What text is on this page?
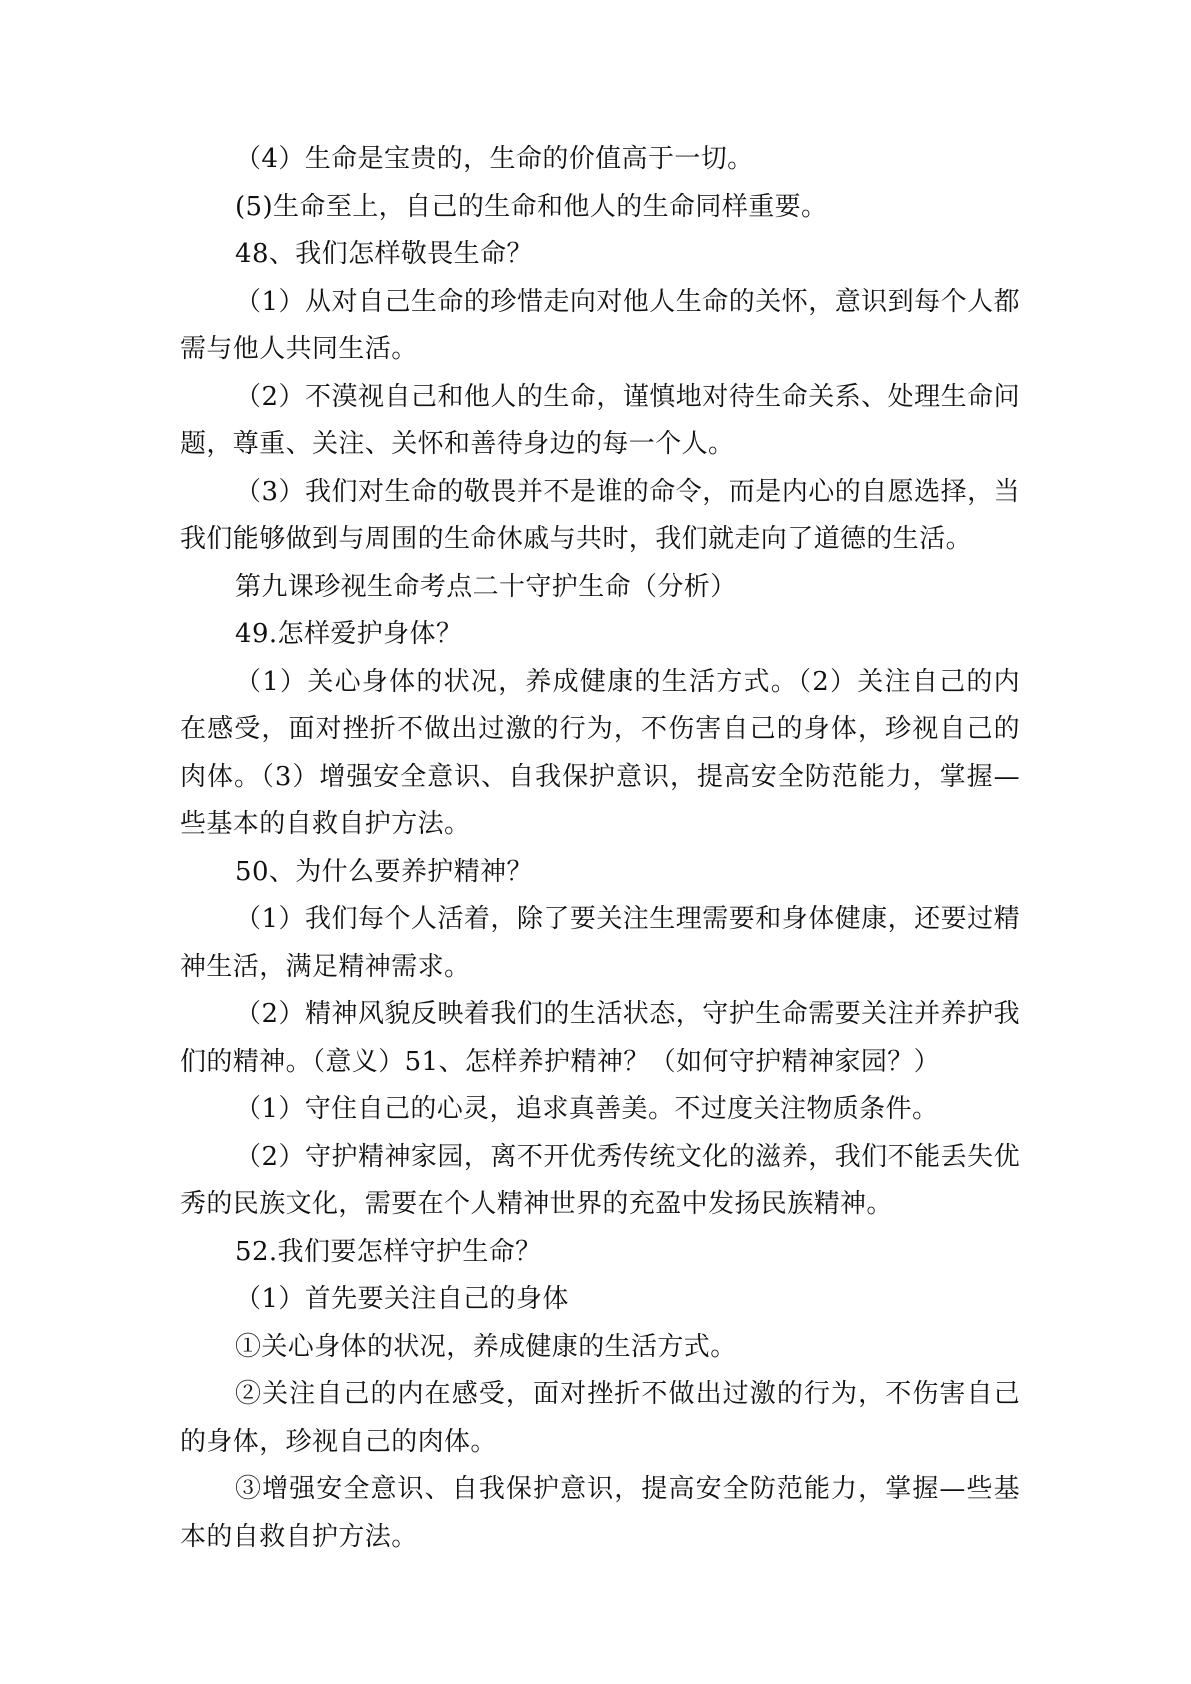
（4）生命是宝贵的，生命的价值高于一切。

(5)生命至上，自己的生命和他人的生命同样重要。

48、我们怎样敬畏生命？

（1）从对自己生命的珍惜走向对他人生命的关怀，意识到每个人都需与他人共同生活。

（2）不漠视自己和他人的生命，谨慎地对待生命关系、处理生命问题，尊重、关注、关怀和善待身边的每一个人。

（3）我们对生命的敬畏并不是谁的命令，而是内心的自愿选择，当我们能够做到与周围的生命休戚与共时，我们就走向了道德的生活。

第九课珍视生命考点二十守护生命（分析）

49.怎样爱护身体？

（1）关心身体的状况，养成健康的生活方式。（2）关注自己的内在感受，面对挫折不做出过激的行为，不伤害自己的身体，珍视自己的肉体。（3）增强安全意识、自我保护意识，提高安全防范能力，掌握—些基本的自救自护方法。

50、为什么要养护精神？

（1）我们每个人活着，除了要关注生理需要和身体健康，还要过精神生活，满足精神需求。

（2）精神风貌反映着我们的生活状态，守护生命需要关注并养护我们的精神。（意义）51、怎样养护精神？（如何守护精神家园？）

（1）守住自己的心灵，追求真善美。不过度关注物质条件。

（2）守护精神家园，离不开优秀传统文化的滋养，我们不能丢失优秀的民族文化，需要在个人精神世界的充盈中发扬民族精神。

52.我们要怎样守护生命？

（1）首先要关注自己的身体

①关心身体的状况，养成健康的生活方式。

②关注自己的内在感受，面对挫折不做出过激的行为，不伤害自己的身体，珍视自己的肉体。

③增强安全意识、自我保护意识，提高安全防范能力，掌握—些基本的自救自护方法。
